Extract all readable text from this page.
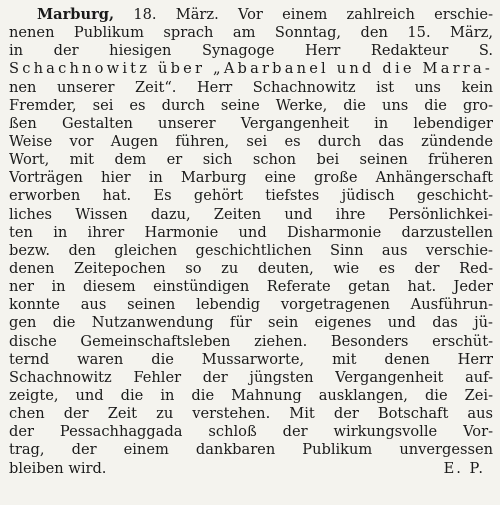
Marburg, 18. März. Vor einem zahlreich erschie-
nenen Publikum sprach am Sonntag, den 15. März,
in der hiesigen Synagoge Herr Redakteur S.
Schachnowitz über „Abarbanel und die Marra-
nen unserer Zeit“. Herr Schachnowitz ist uns kein
Fremder, sei es durch seine Werke, die uns die gro-
ßen Gestalten unserer Vergangenheit in lebendiger
Weise vor Augen führen, sei es durch das zündende
Wort, mit dem er sich schon bei seinen früheren
Vorträgen hier in Marburg eine große Anhängerschaft
erworben hat. Es gehört tiefstes jüdisch geschicht-
liches Wissen dazu, Zeiten und ihre Persönlichkei-
ten in ihrer Harmonie und Disharmonie darzustellen
bezw. den gleichen geschichtlichen Sinn aus verschie-
denen Zeitepochen so zu deuten, wie es der Red-
ner in diesem einstündigen Referate getan hat. Jeder
konnte aus seinen lebendig vorgetragenen Ausführun-
gen die Nutzanwendung für sein eigenes und das jü-
dische Gemeinschaftsleben ziehen. Besonders erschüt-
ternd waren die Mussarworte, mit denen Herr
Schachnowitz Fehler der jüngsten Vergangenheit auf-
zeigte, und die in die Mahnung ausklangen, die Zei-
chen der Zeit zu verstehen. Mit der Botschaft aus
der Pessachhaggada schloß der wirkungsvolle Vor-
trag, der einem dankbaren Publikum unvergessen
bleiben wird.	E. P.
